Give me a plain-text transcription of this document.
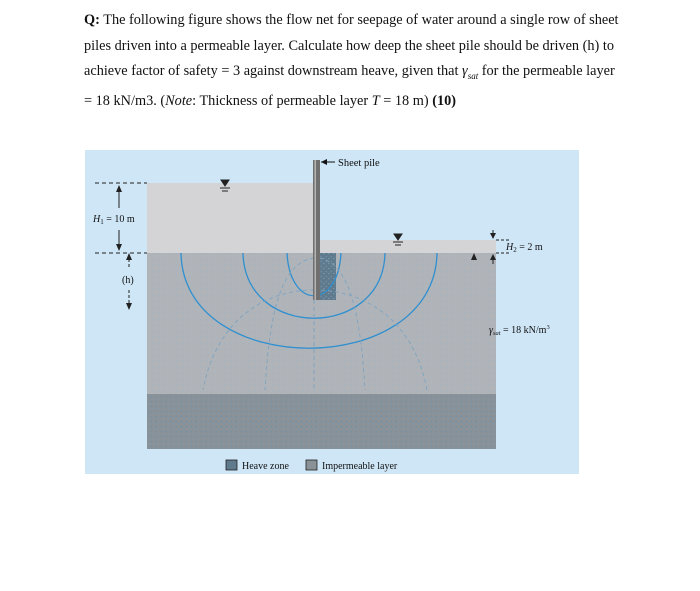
Q: The following figure shows the flow net for seepage of water around a single row of sheet piles driven into a permeable layer. Calculate how deep the sheet pile should be driven (h) to achieve factor of safety = 3 against downstream heave, given that $\gamma_{sat}$ for the permeable layer = 18 kN/m3. (Note: Thickness of permeable layer T = 18 m) (10)

Sheet pile
$H_1 = 10$ m
(h)
$H_2 = 2$ m
$\gamma_{sat} = 18$ $kN/m^3$
Heave zone	Impermeable layer
